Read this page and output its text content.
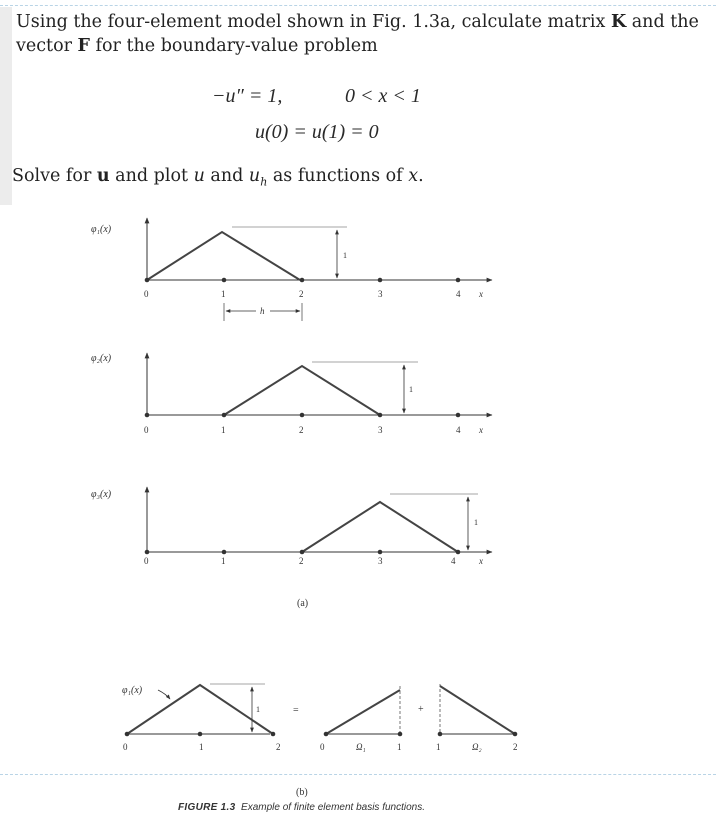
Using the four-element model shown in Fig. 1.3a, calculate matrix K and the
vector F for the boundary-value problem
−u″ = 1,	0 < x < 1
u(0) = u(1) = 0
Solve for u and plot u and $u_h$ as functions of x.
1
φ₁(x)
0	1	2	3	4 x
h
1
φ₂(x)
0	1	2	3	4 x
1
φ₃(x)
0	1	2	3	4	x
(a)
φ₁(x)
1
0	1	2
=
0	Ω₁	1
+
1	Ω₂	2
(b)
FIGURE 1.3 Example of finite element basis functions.
